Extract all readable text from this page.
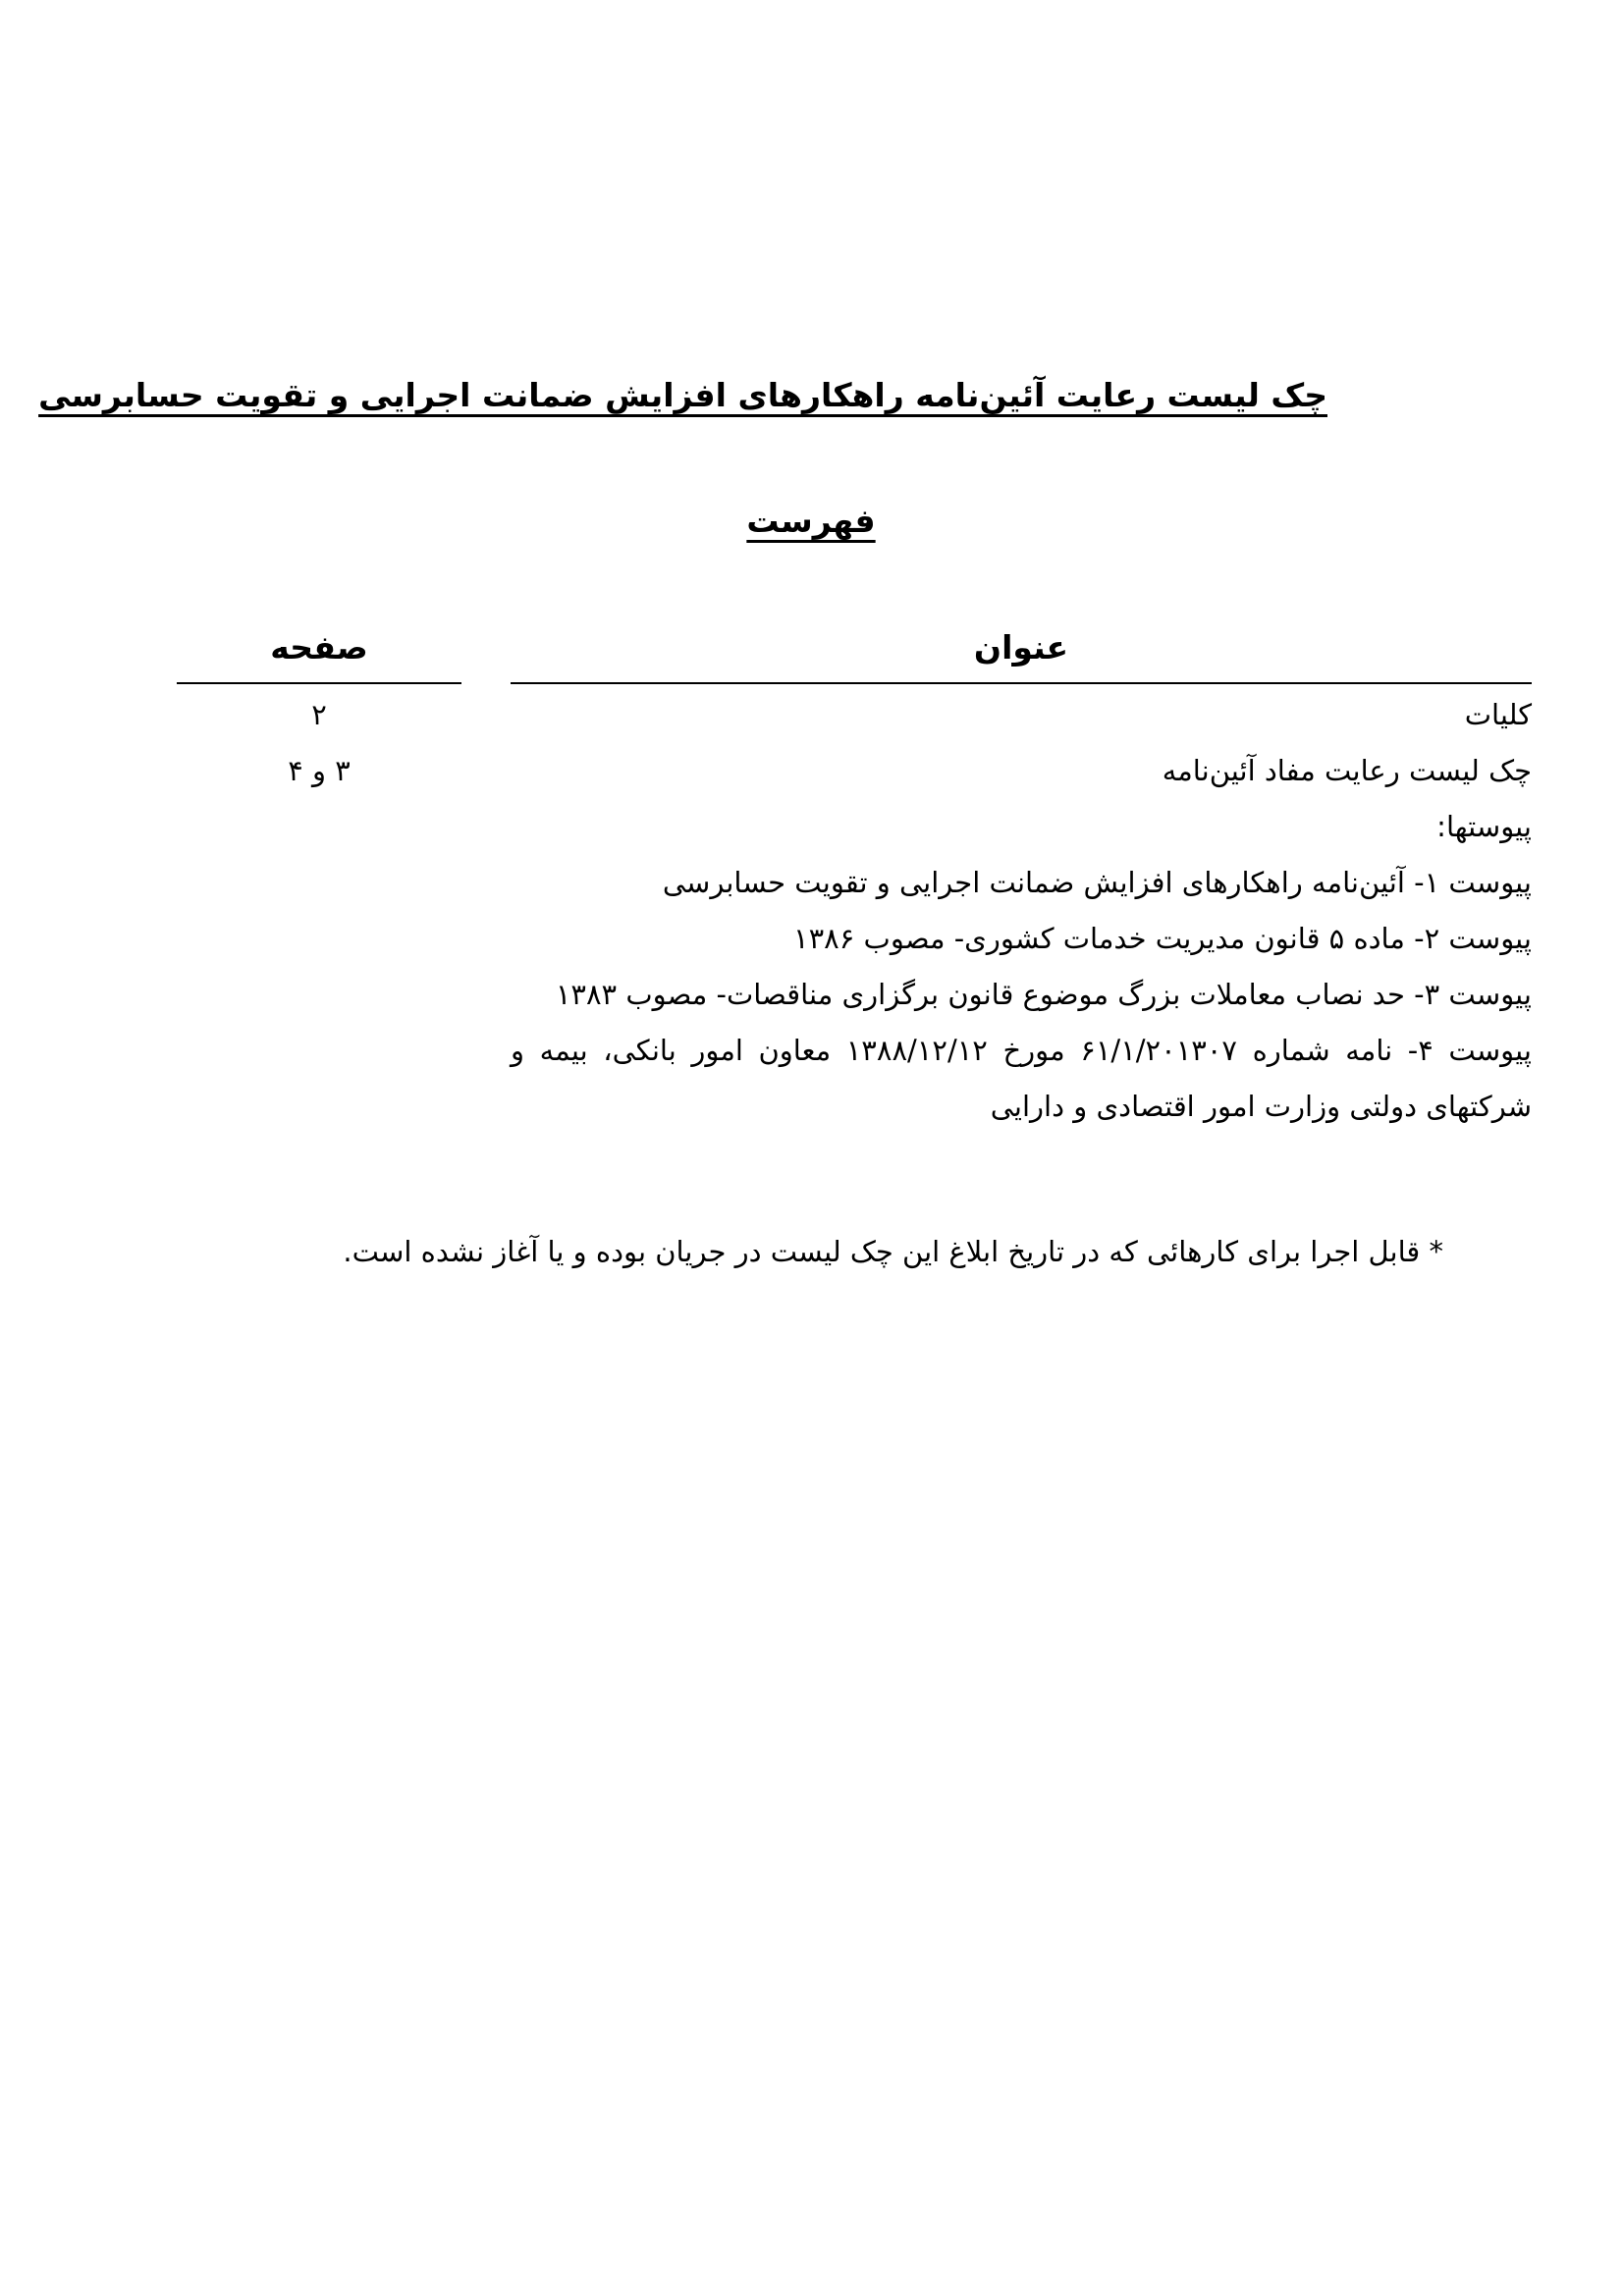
چک لیست رعایت آئین‌نامه راهکارهای افزایش ضمانت اجرایی و تقویت حسابرسی
فهرست
عنوان
صفحه
کلیات
چک لیست رعایت مفاد آئین‌نامه
پیوستها:
پیوست ۱- آئین‌نامه راهکارهای افزایش ضمانت اجرایی و تقویت حسابرسی
پیوست ۲- ماده ۵ قانون مدیریت خدمات کشوری- مصوب ۱۳۸۶
پیوست ۳- حد نصاب معاملات بزرگ موضوع قانون برگزاری مناقصات- مصوب ۱۳۸۳
پیوست ۴- نامه شماره ۶۱/۱/۲۰۱۳۰۷ مورخ ۱۳۸۸/۱۲/۱۲ معاون امور بانکی، بیمه و شرکتهای دولتی وزارت امور اقتصادی و دارایی
۲
۳ و ۴
* قابل اجرا برای کارهائی که در تاریخ ابلاغ این چک لیست در جریان بوده و یا آغاز نشده است.
